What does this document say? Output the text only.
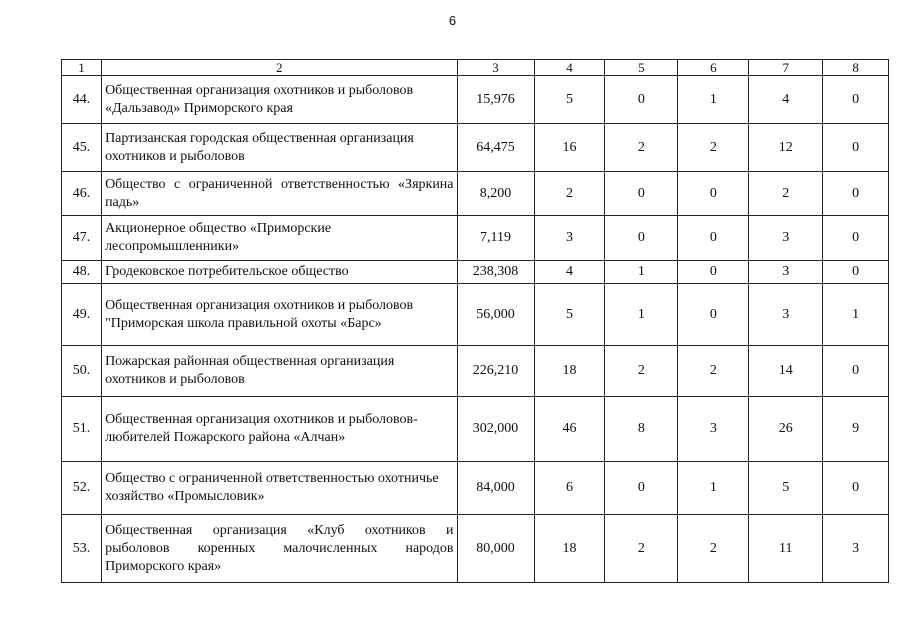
6
1	2	3	4	5	6	7	8
44.	Общественная организация охотников и рыболовов «Дальзавод» Приморского края	15,976	5	0	1	4	0
45.	Партизанская городская общественная организация охотников и рыболовов	64,475	16	2	2	12	0
46.	Общество с ограниченной ответственностью «Зяркина падь»	8,200	2	0	0	2	0
47.	Акционерное общество «Приморские лесопромышленники»	7,119	3	0	0	3	0
48.	Гродековское потребительское общество	238,308	4	1	0	3	0
49.	Общественная организация охотников и рыболовов "Приморская школа правильной охоты «Барс»	56,000	5	1	0	3	1
50.	Пожарская районная общественная организация охотников и рыболовов	226,210	18	2	2	14	0
51.	Общественная организация охотников и рыболовов-любителей Пожарского района «Алчан»	302,000	46	8	3	26	9
52.	Общество с ограниченной ответственностью охотничье хозяйство «Промысловик»	84,000	6	0	1	5	0
53.	Общественная организация «Клуб охотников и рыболовов коренных малочисленных народов Приморского края»	80,000	18	2	2	11	3
